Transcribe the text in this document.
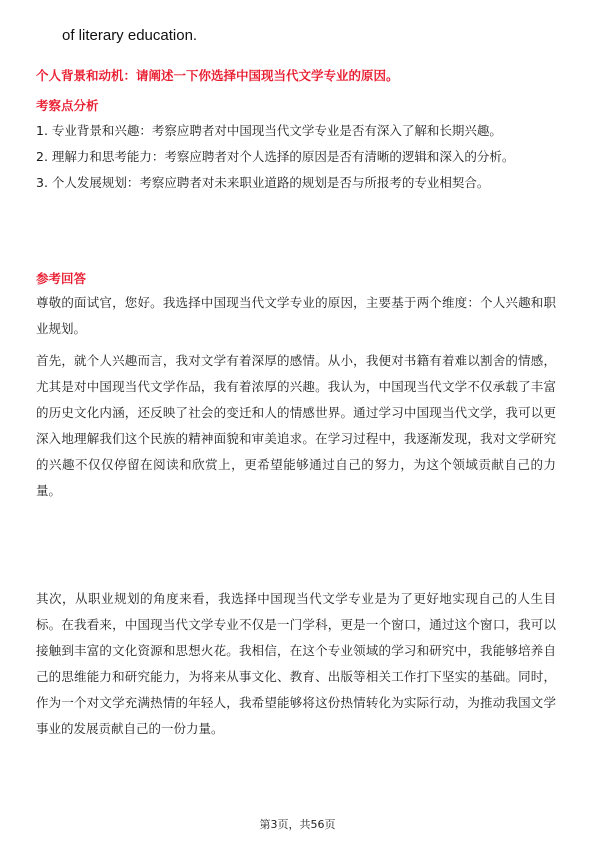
of literary education.
个人背景和动机：请阐述一下你选择中国现当代文学专业的原因。
考察点分析

1. 专业背景和兴趣：考察应聘者对中国现当代文学专业是否有深入了解和长期兴趣。

2. 理解力和思考能力：考察应聘者对个人选择的原因是否有清晰的逻辑和深入的分析。

3. 个人发展规划：考察应聘者对未来职业道路的规划是否与所报考的专业相契合。

参考回答
尊敬的面试官，您好。我选择中国现当代文学专业的原因，主要基于两个维度：个人兴趣和职业规划。
首先，就个人兴趣而言，我对文学有着深厚的感情。从小，我便对书籍有着难以割舍的情感，尤其是对中国现当代文学作品，我有着浓厚的兴趣。我认为，中国现当代文学不仅承载了丰富的历史文化内涵，还反映了社会的变迁和人的情感世界。通过学习中国现当代文学，我可以更深入地理解我们这个民族的精神面貌和审美追求。在学习过程中，我逐渐发现，我对文学研究的兴趣不仅仅停留在阅读和欣赏上，更希望能够通过自己的努力，为这个领域贡献自己的力量。
其次，从职业规划的角度来看，我选择中国现当代文学专业是为了更好地实现自己的人生目标。在我看来，中国现当代文学专业不仅是一门学科，更是一个窗口，通过这个窗口，我可以接触到丰富的文化资源和思想火花。我相信，在这个专业领域的学习和研究中，我能够培养自己的思维能力和研究能力，为将来从事文化、教育、出版等相关工作打下坚实的基础。同时，作为一个对文学充满热情的年轻人，我希望能够将这份热情转化为实际行动，为推动我国文学事业的发展贡献自己的一份力量。
第3页，共56页
